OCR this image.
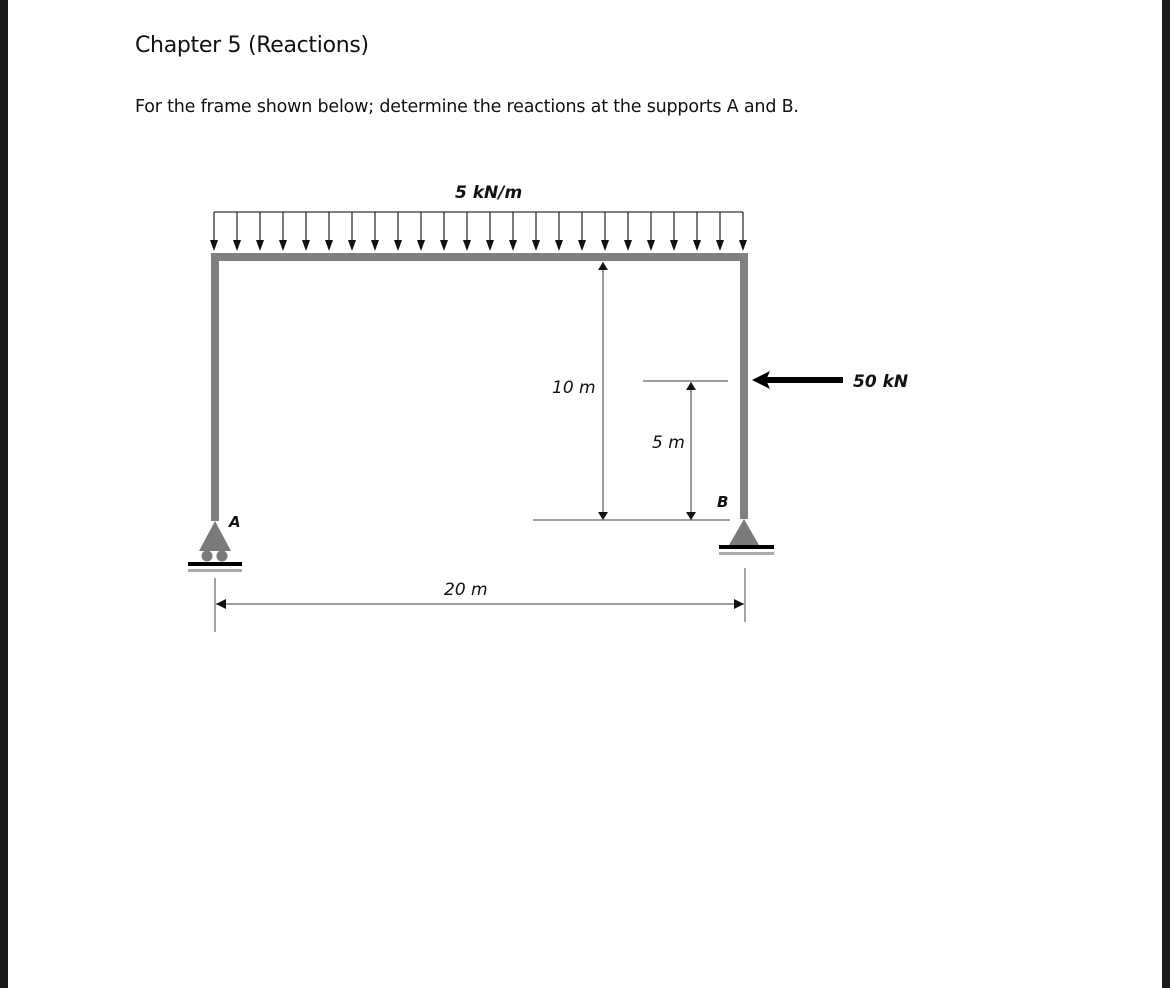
Chapter 5 (Reactions)
For the frame shown below; determine the reactions at the supports A and B.
5 kN/m
A
B
50 kN
10 m
5 m
20 m
